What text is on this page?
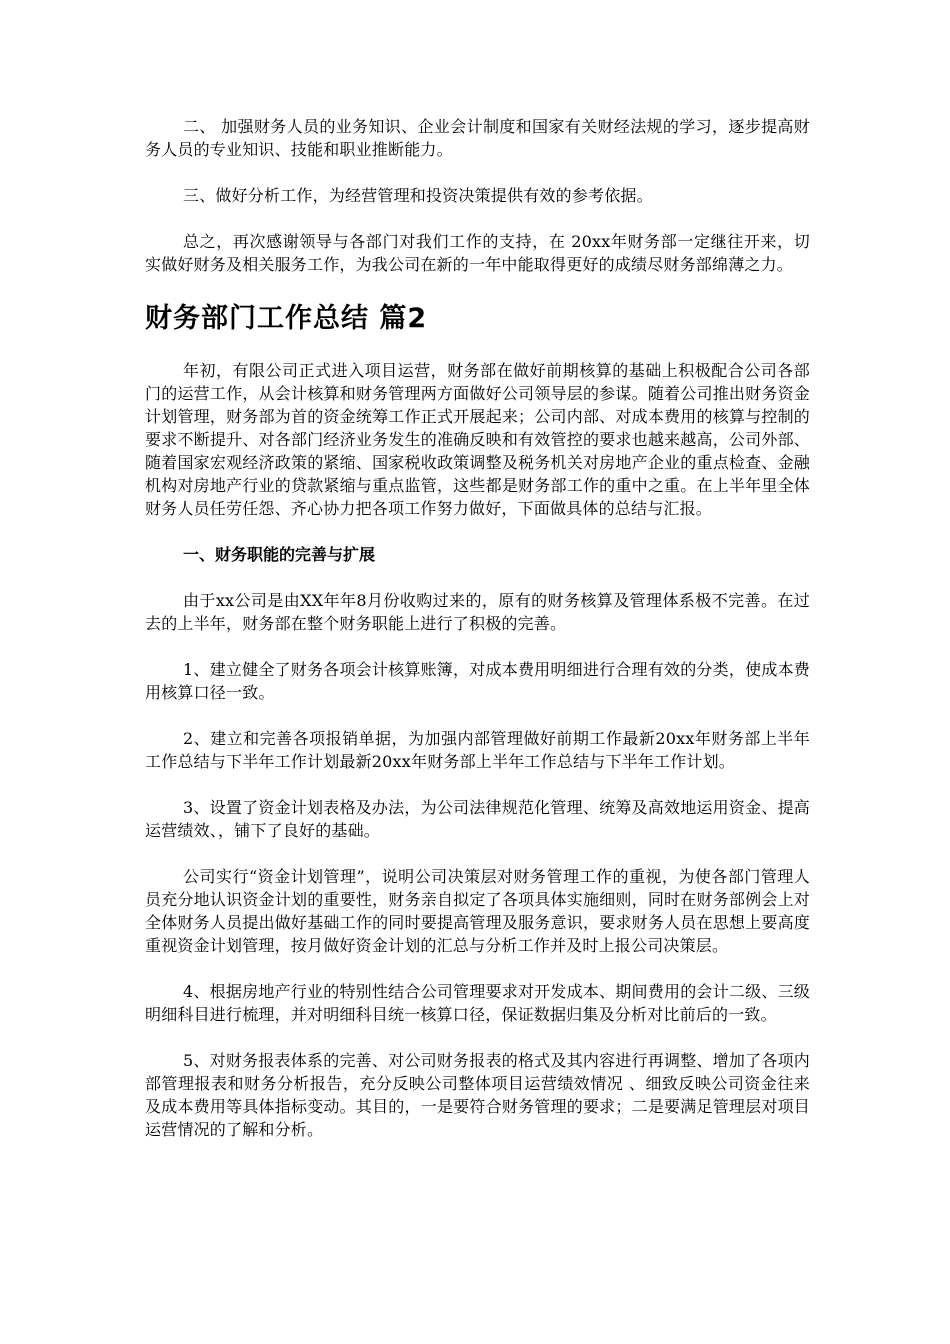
二、 加强财务人员的业务知识、企业会计制度和国家有关财经法规的学习，逐步提高财务人员的专业知识、技能和职业推断能力。

三、做好分析工作，为经营管理和投资决策提供有效的参考依据。

总之，再次感谢领导与各部门对我们工作的支持，在 20xx年财务部一定继往开来，切实做好财务及相关服务工作，为我公司在新的一年中能取得更好的成绩尽财务部绵薄之力。

财务部门工作总结 篇2

年初，有限公司正式进入项目运营，财务部在做好前期核算的基础上积极配合公司各部门的运营工作，从会计核算和财务管理两方面做好公司领导层的参谋。随着公司推出财务资金计划管理，财务部为首的资金统筹工作正式开展起来；公司内部、对成本费用的核算与控制的要求不断提升、对各部门经济业务发生的准确反映和有效管控的要求也越来越高，公司外部、随着国家宏观经济政策的紧缩、国家税收政策调整及税务机关对房地产企业的重点检查、金融机构对房地产行业的贷款紧缩与重点监管，这些都是财务部工作的重中之重。在上半年里全体财务人员任劳任怨、齐心协力把各项工作努力做好，下面做具体的总结与汇报。

一、财务职能的完善与扩展

由于xx公司是由XX年年8月份收购过来的，原有的财务核算及管理体系极不完善。在过去的上半年，财务部在整个财务职能上进行了积极的完善。

1、建立健全了财务各项会计核算账簿，对成本费用明细进行合理有效的分类，使成本费用核算口径一致。

2、建立和完善各项报销单据，为加强内部管理做好前期工作最新20xx年财务部上半年工作总结与下半年工作计划最新20xx年财务部上半年工作总结与下半年工作计划。

3、设置了资金计划表格及办法，为公司法律规范化管理、统筹及高效地运用资金、提高运营绩效、，铺下了良好的基础。

公司实行“资金计划管理”，说明公司决策层对财务管理工作的重视，为使各部门管理人员充分地认识资金计划的重要性，财务亲自拟定了各项具体实施细则，同时在财务部例会上对全体财务人员提出做好基础工作的同时要提高管理及服务意识，要求财务人员在思想上要高度重视资金计划管理，按月做好资金计划的汇总与分析工作并及时上报公司决策层。

4、根据房地产行业的特别性结合公司管理要求对开发成本、期间费用的会计二级、三级明细科目进行梳理，并对明细科目统一核算口径，保证数据归集及分析对比前后的一致。

5、对财务报表体系的完善、对公司财务报表的格式及其内容进行再调整、增加了各项内部管理报表和财务分析报告，充分反映公司整体项目运营绩效情况 、细致反映公司资金往来及成本费用等具体指标变动。其目的，一是要符合财务管理的要求；二是要满足管理层对项目运营情况的了解和分析。
